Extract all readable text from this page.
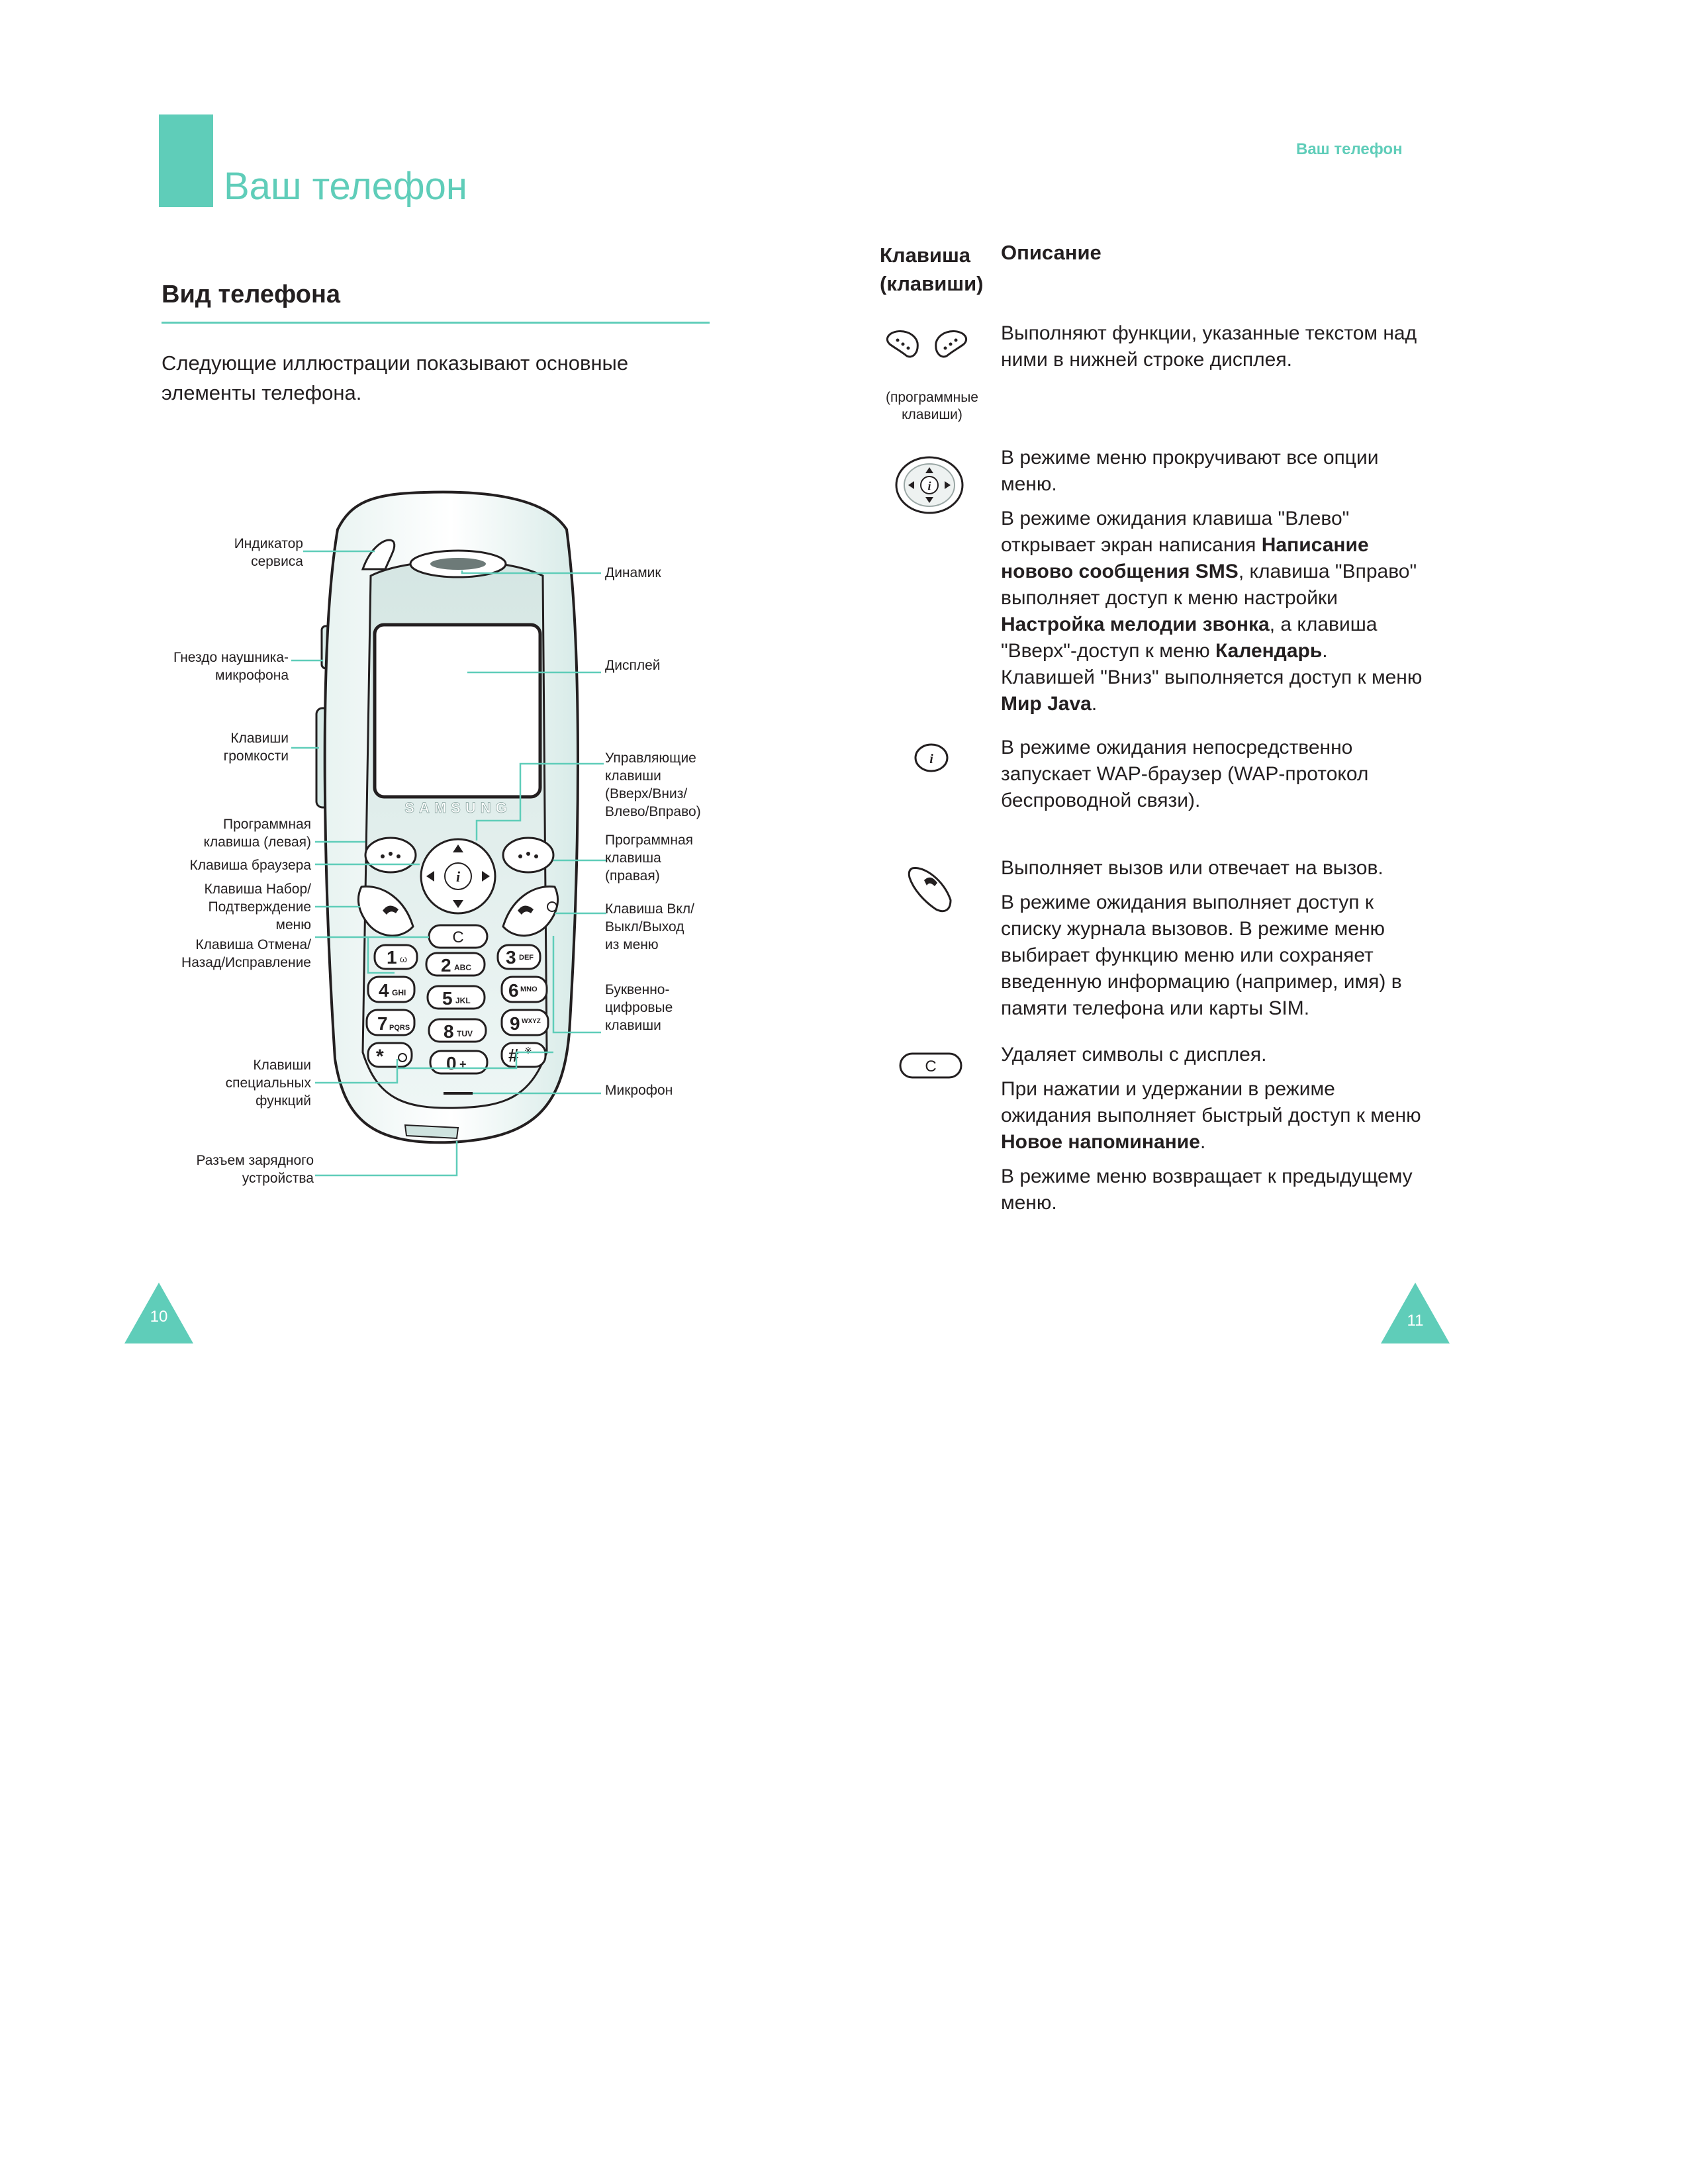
Ваш телефон
Вид телефона
Следующие иллюстрации показывают основные элементы телефона.
SAMSUNG
i
C
1 ω 2 ABC 3 DEF
4 GHI 5 JKL 6 MNO
7 PQRS 8 TUV 9 WXYZ
*	0 + # ※
Индикатор
сервиса
Гнездо наушника-
микрофона
Клавиши
громкости
Программная
клавиша (левая)
Клавиша браузера
Клавиша Набор/
Подтверждение
меню
Клавиша Отмена/
Назад/Исправление
Клавиши
специальных
функций
Разъем зарядного
устройства
Динамик
Дисплей
Управляющие
клавиши
(Вверх/Вниз/
Влево/Вправо)
Программная
клавиша
(правая)
Клавиша Вкл/
Выкл/Выход
из меню
Буквенно-
цифровые
клавиши
Микрофон
10
Ваш телефон
Клавиша
(клавиши)
Описание
(программные
клавиши)
i
i
C

Выполняют функции, указанные текстом над ними в нижней строке дисплея.

В режиме меню прокручивают все опции меню.

В режиме ожидания клавиша "Влево" открывает экран написания Написание новово сообщения SMS, клавиша "Вправо" выполняет доступ к меню настройки Настройка мелодии звонка, а клавиша "Вверх"-доступ к меню Календарь. Клавишей "Вниз" выполняется доступ к меню Мир Java.

В режиме ожидания непосредственно запускает WAP-браузер (WAP-протокол беспроводной связи).

Выполняет вызов или отвечает на вызов.

В режиме ожидания выполняет доступ к списку журнала вызовов. В режиме меню выбирает функцию меню или сохраняет введенную информацию (например, имя) в памяти телефона или карты SIM.

Удаляет символы с дисплея.

При нажатии и удержании в режиме ожидания выполняет быстрый доступ к меню Новое напоминание.

В режиме меню возвращает к предыдущему меню.

11
